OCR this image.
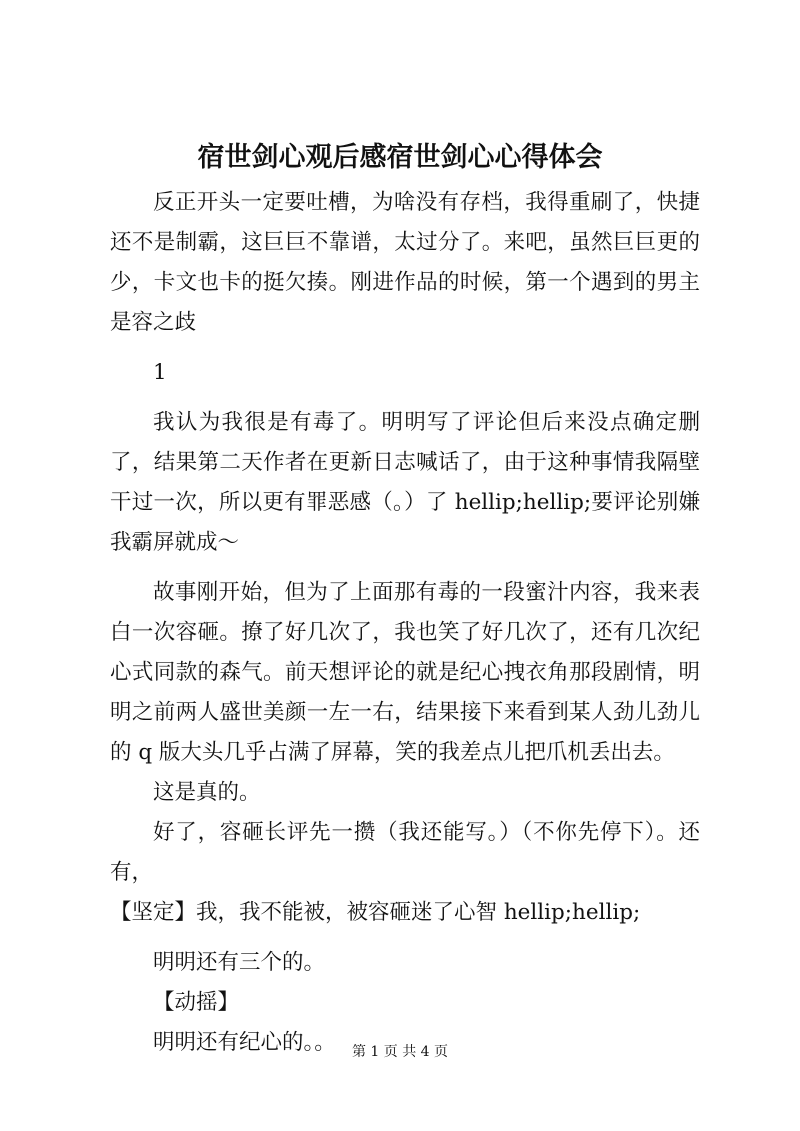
宿世剑心观后感宿世剑心心得体会

反正开头一定要吐槽，为啥没有存档，我得重刷了，快捷还不是制霸，这巨巨不靠谱，太过分了。来吧，虽然巨巨更的少，卡文也卡的挺欠揍。刚进作品的时候，第一个遇到的男主是容之歧

1

我认为我很是有毒了。明明写了评论但后来没点确定删了，结果第二天作者在更新日志喊话了，由于这种事情我隔壁干过一次，所以更有罪恶感（。）了 hellip;hellip;要评论别嫌我霸屏就成～

故事刚开始，但为了上面那有毒的一段蜜汁内容，我来表白一次容砸。撩了好几次了，我也笑了好几次了，还有几次纪心式同款的森气。前天想评论的就是纪心拽衣角那段剧情，明明之前两人盛世美颜一左一右，结果接下来看到某人劲儿劲儿的 q 版大头几乎占满了屏幕，笑的我差点儿把爪机丢出去。

这是真的。

好了，容砸长评先一攒（我还能写。）（不你先停下）。还有，

【坚定】我，我不能被，被容砸迷了心智 hellip;hellip;

明明还有三个的。

【动摇】

明明还有纪心的。。	第 1 页 共 4 页
